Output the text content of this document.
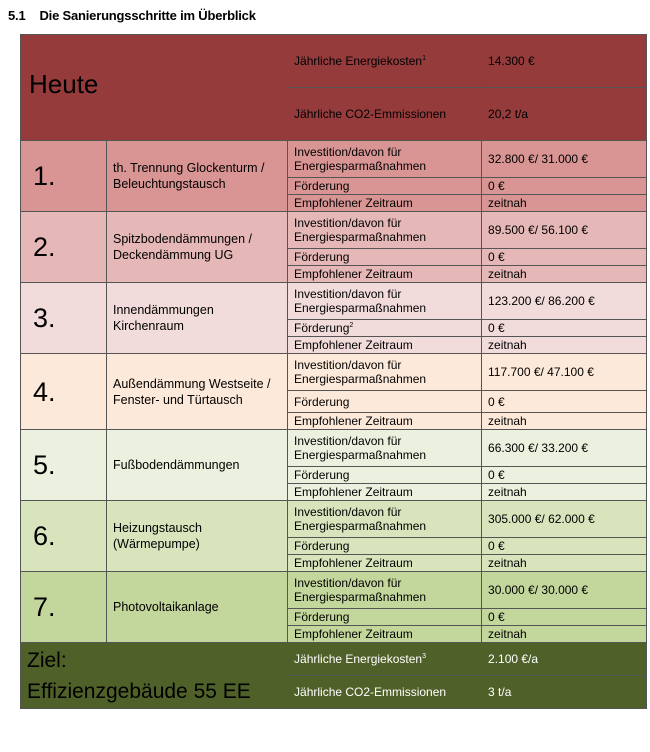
5.1 Die Sanierungsschritte im Überblick
Heute		Jährliche Energiekosten$^1$	14.300 €
		Jährliche CO2-Emmissionen	20,2 t/a
1.	th. Trennung Glockenturm / Beleuchtungstausch	Investition/davon für Energiesparmaßnahmen	32.800 €/ 31.000 €
		Förderung	0 €
		Empfohlener Zeitraum	zeitnah
2.	Spitzbodendämmungen / Deckendämmung UG	Investition/davon für Energiesparmaßnahmen	89.500 €/ 56.100 €
		Förderung	0 €
		Empfohlener Zeitraum	zeitnah
3.	Innendämmungen Kirchenraum	Investition/davon für Energiesparmaßnahmen	123.200 €/ 86.200 €
		Förderung$^2$	0 €
		Empfohlener Zeitraum	zeitnah
4.	Außendämmung Westseite / Fenster- und Türtausch	Investition/davon für Energiesparmaßnahmen	117.700 €/ 47.100 €
		Förderung	0 €
		Empfohlener Zeitraum	zeitnah
5.	Fußbodendämmungen	Investition/davon für Energiesparmaßnahmen	66.300 €/ 33.200 €
		Förderung	0 €
		Empfohlener Zeitraum	zeitnah
6.	Heizungstausch (Wärmepumpe)	Investition/davon für Energiesparmaßnahmen	305.000 €/ 62.000 €
		Förderung	0 €
		Empfohlener Zeitraum	zeitnah
7.	Photovoltaikanlage	Investition/davon für Energiesparmaßnahmen	30.000 €/ 30.000 €
		Förderung	0 €
		Empfohlener Zeitraum	zeitnah

Ziel:
Effizienzgebäude 55 EE		Jährliche Energiekosten$^3$	2.100 €/a
		Jährliche CO2-Emmissionen	3 t/a
